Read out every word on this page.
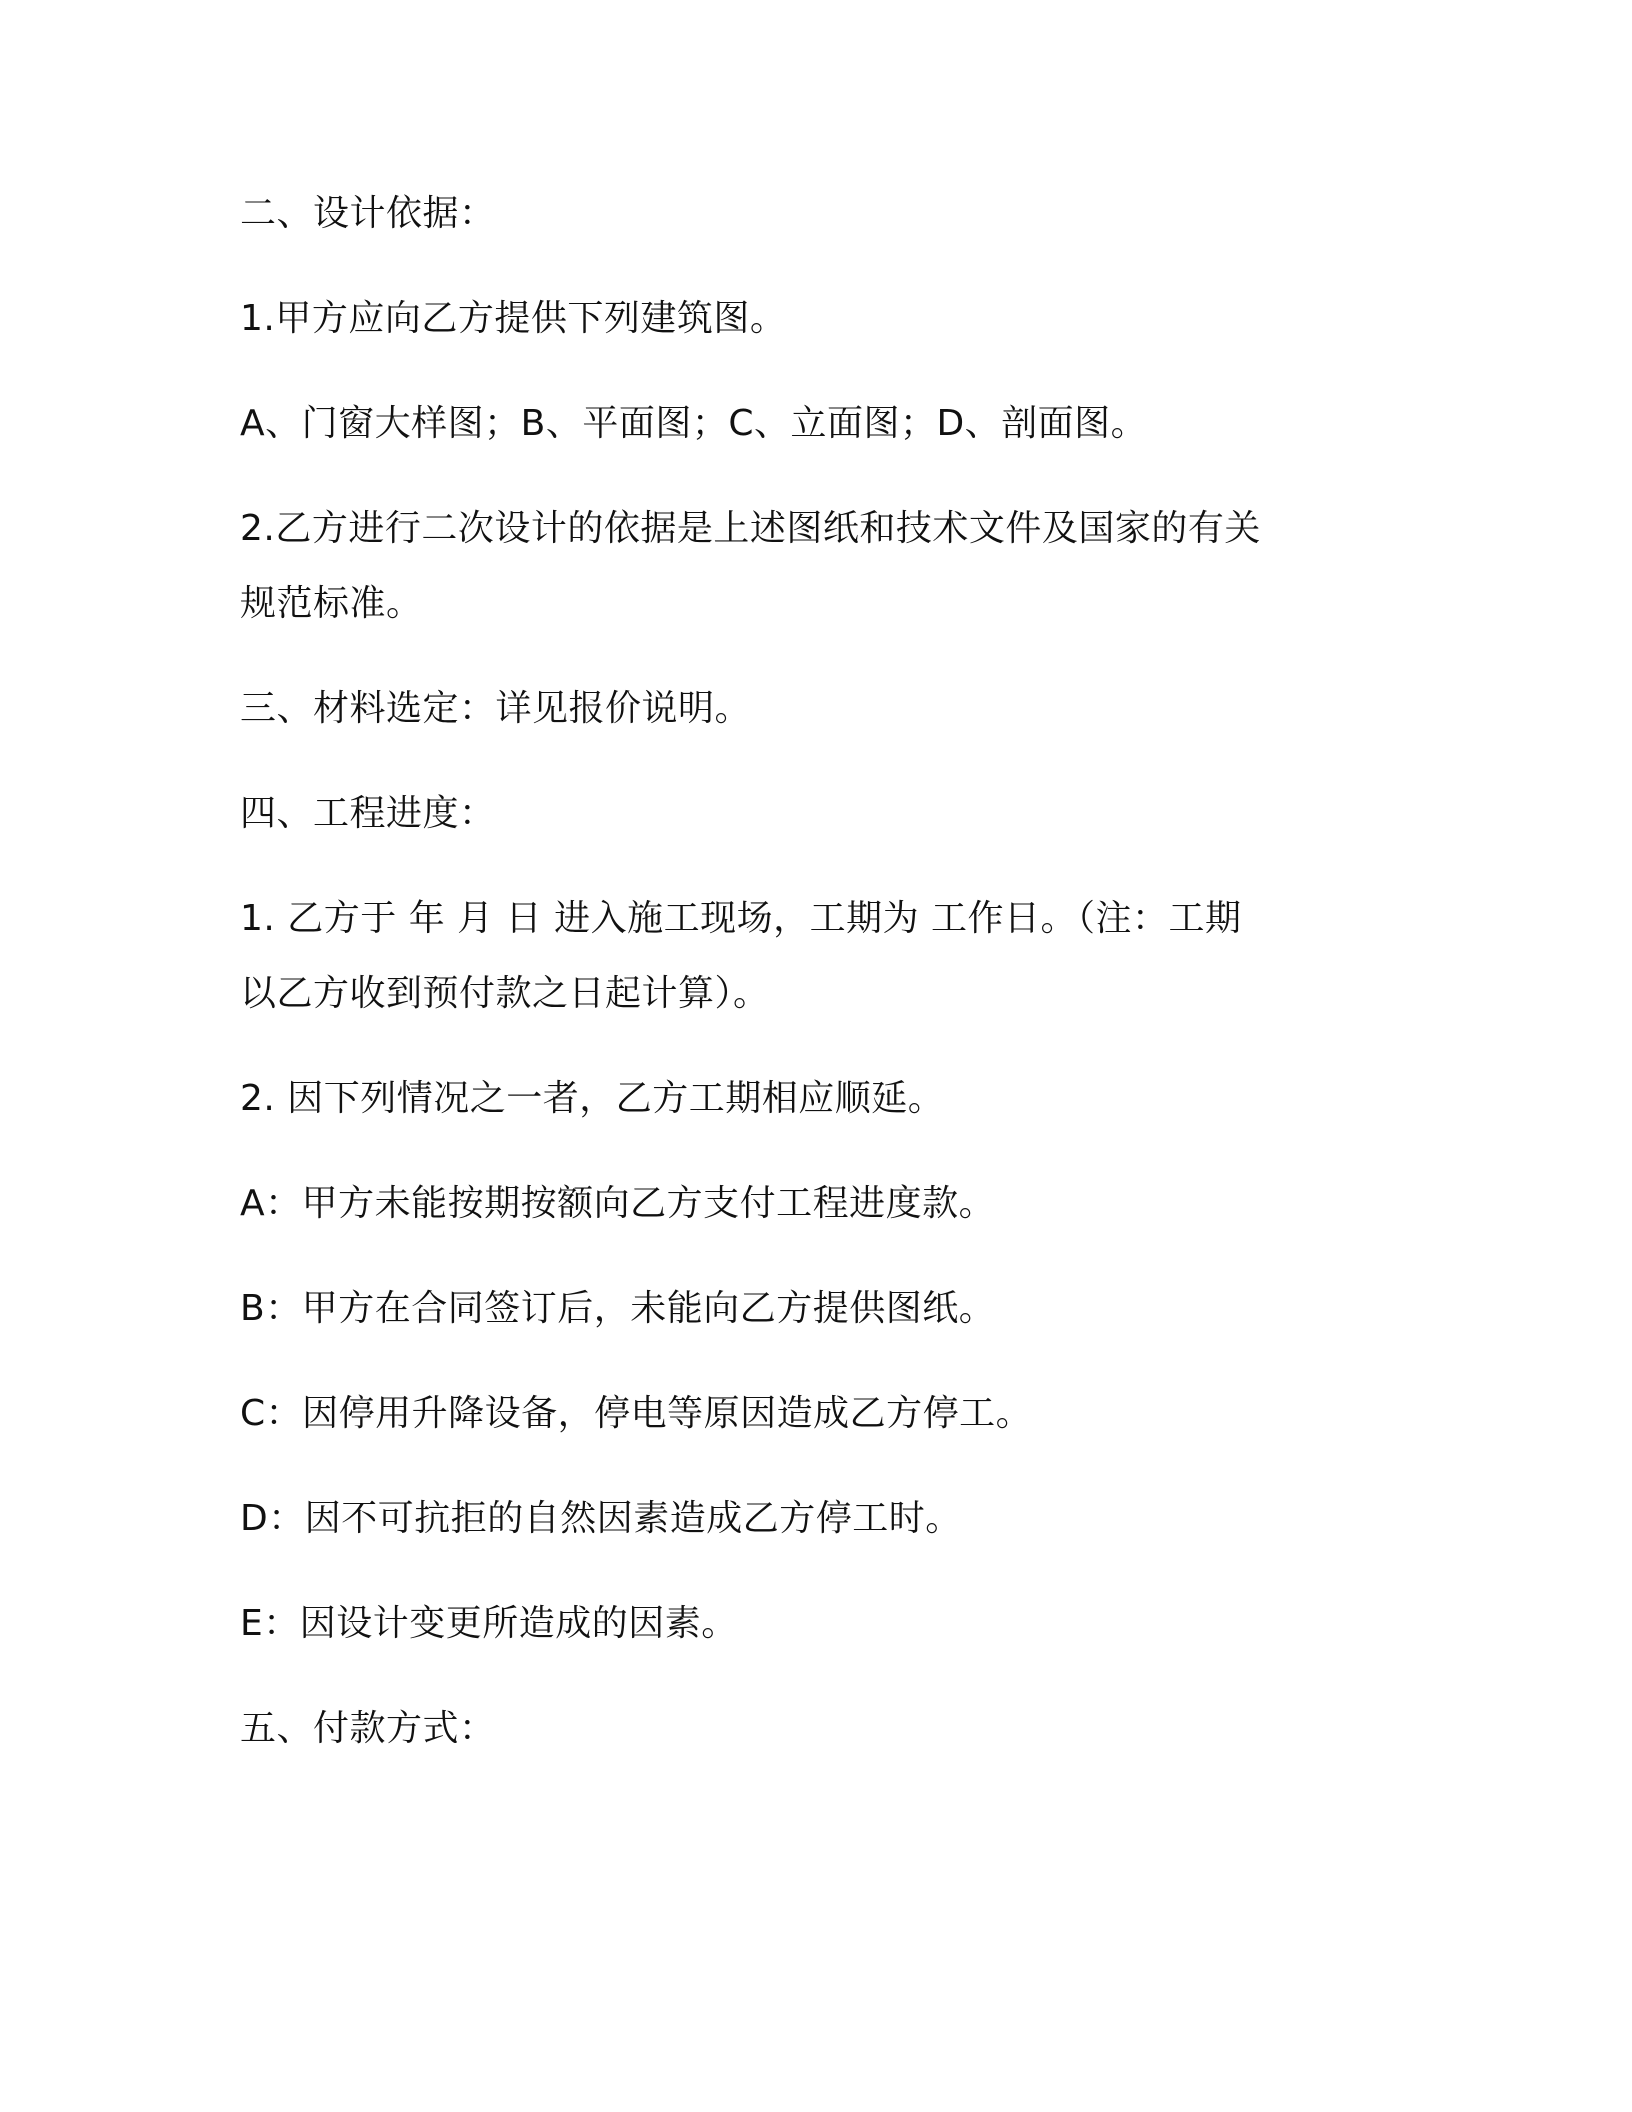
二、设计依据：
1.甲方应向乙方提供下列建筑图。
A、门窗大样图；B、平面图；C、立面图；D、剖面图。
2.乙方进行二次设计的依据是上述图纸和技术文件及国家的有关
规范标准。
三、材料选定：详见报价说明。
四、工程进度：
1. 乙方于 年 月 日 进入施工现场，工期为 工作日。（注：工期
以乙方收到预付款之日起计算）。
2. 因下列情况之一者，乙方工期相应顺延。
A：甲方未能按期按额向乙方支付工程进度款。
B：甲方在合同签订后，未能向乙方提供图纸。
C：因停用升降设备，停电等原因造成乙方停工。
D：因不可抗拒的自然因素造成乙方停工时。
E：因设计变更所造成的因素。
五、付款方式：
